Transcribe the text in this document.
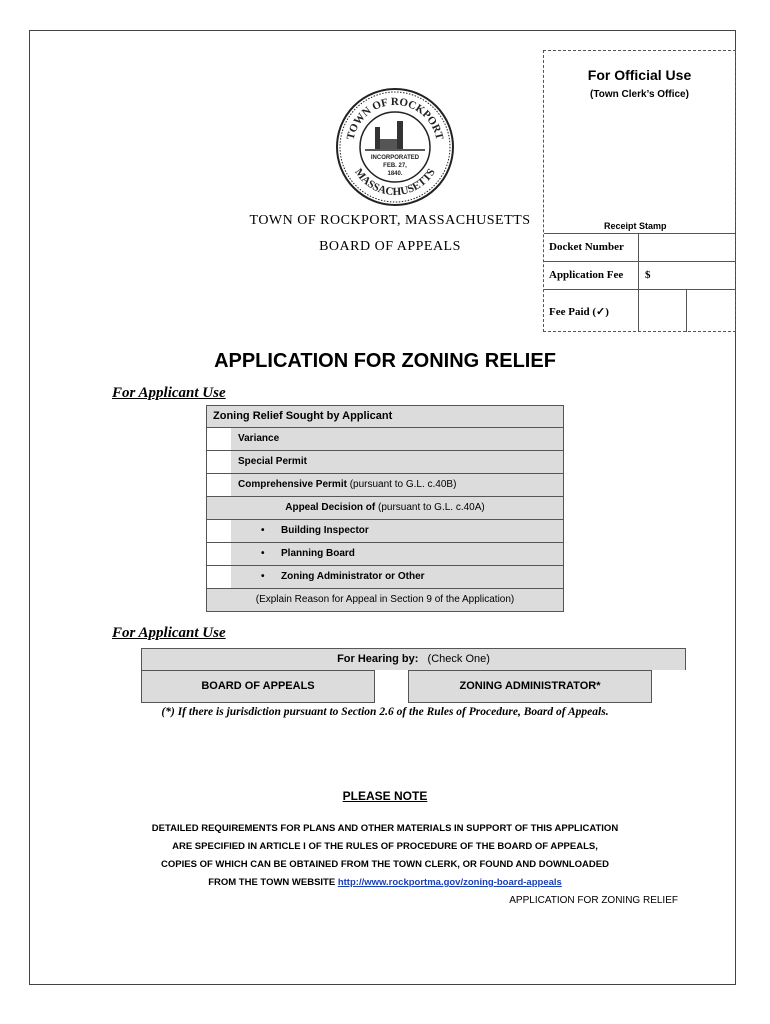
TOWN OF ROCKPORT
MASSACHUSETTS
INCORPORATED
FEB. 27,
1840.
TOWN OF ROCKPORT, MASSACHUSETTS
BOARD OF APPEALS
For Official Use
(Town Clerk’s Office)
Receipt Stamp
Docket Number
Application Fee $
Fee Paid (✓)
APPLICATION FOR ZONING RELIEF
For Applicant Use
Zoning Relief Sought by Applicant
Variance
Special Permit
Comprehensive Permit (pursuant to G.L. c.40B)
Appeal Decision of (pursuant to G.L. c.40A)
• Building Inspector
• Planning Board
• Zoning Administrator or Other
(Explain Reason for Appeal in Section 9 of the Application)
For Applicant Use
For Hearing by: (Check One)
BOARD OF APPEALS	ZONING ADMINISTRATOR*
(*) If there is jurisdiction pursuant to Section 2.6 of the Rules of Procedure, Board of Appeals.
PLEASE NOTE
DETAILED REQUIREMENTS FOR PLANS AND OTHER MATERIALS IN SUPPORT OF THIS APPLICATION
ARE SPECIFIED IN ARTICLE I OF THE RULES OF PROCEDURE OF THE BOARD OF APPEALS,
COPIES OF WHICH CAN BE OBTAINED FROM THE TOWN CLERK, OR FOUND AND DOWNLOADED
FROM THE TOWN WEBSITE http://www.rockportma.gov/zoning-board-appeals
APPLICATION FOR ZONING RELIEF
